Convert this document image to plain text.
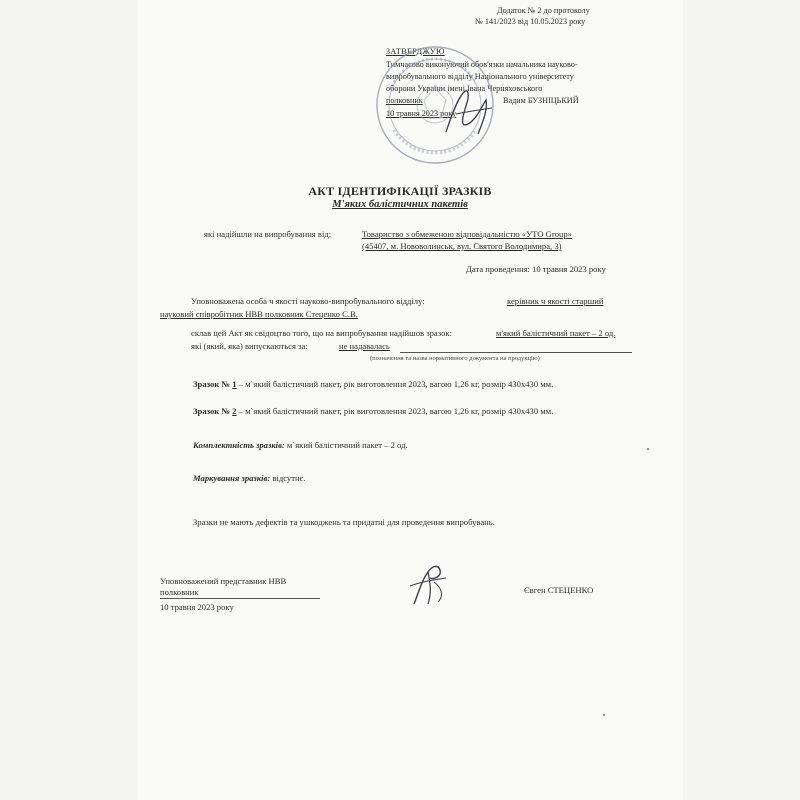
Додаток № 2 до протоколу
№ 141/2023 від 10.05.2023 року
ЗАТВЕРДЖУЮ
Тимчасово виконуючий обов'язки начальника науково-
випробувального відділу Національного університету
оборони України імені Івана Черняховського
полковник	Вадим БУЗНІЦЬКИЙ
10 травня 2023 року
АКТ ІДЕНТИФІКАЦІЇ ЗРАЗКІВ
М'яких балістичних пакетів
які надійшли на випробування від:	Товариство з обмеженою відповідальністю «УТО Group»
(45407, м. Нововолинськ, вул. Святого Володимира, 3)
Дата проведення: 10 травня 2023 року
Уповноважена особа ч якості науково-випробувального відділу:	керівник ч якості старший
науковий співробітник НВВ полковник Стеценко С.В.
склав цей Акт як свідоцтво того, що на випробування надійшов зразок:	м'який балістичний пакет – 2 од.
які (який, яка) випускаються за:	не надавалась
(позначення та назва нормативного документа на продукцію)
Зразок № 1 – м`який балістичний пакет, рік виготовлення 2023, вагою 1,26 кг, розмір 430х430 мм.
Зразок № 2 – м`який балістичний пакет, рік виготовлення 2023, вагою 1,26 кг, розмір 430х430 мм.
Комплектність зразків: м`який балістичний пакет – 2 од.
Маркування зразків: відсутнє.
Зразки не мають дефектів та ушкоджень та придатні для проведення випробувань.
Уповноважений представник НВВ
полковник
10 травня 2023 року
Євген СТЕЦЕНКО
